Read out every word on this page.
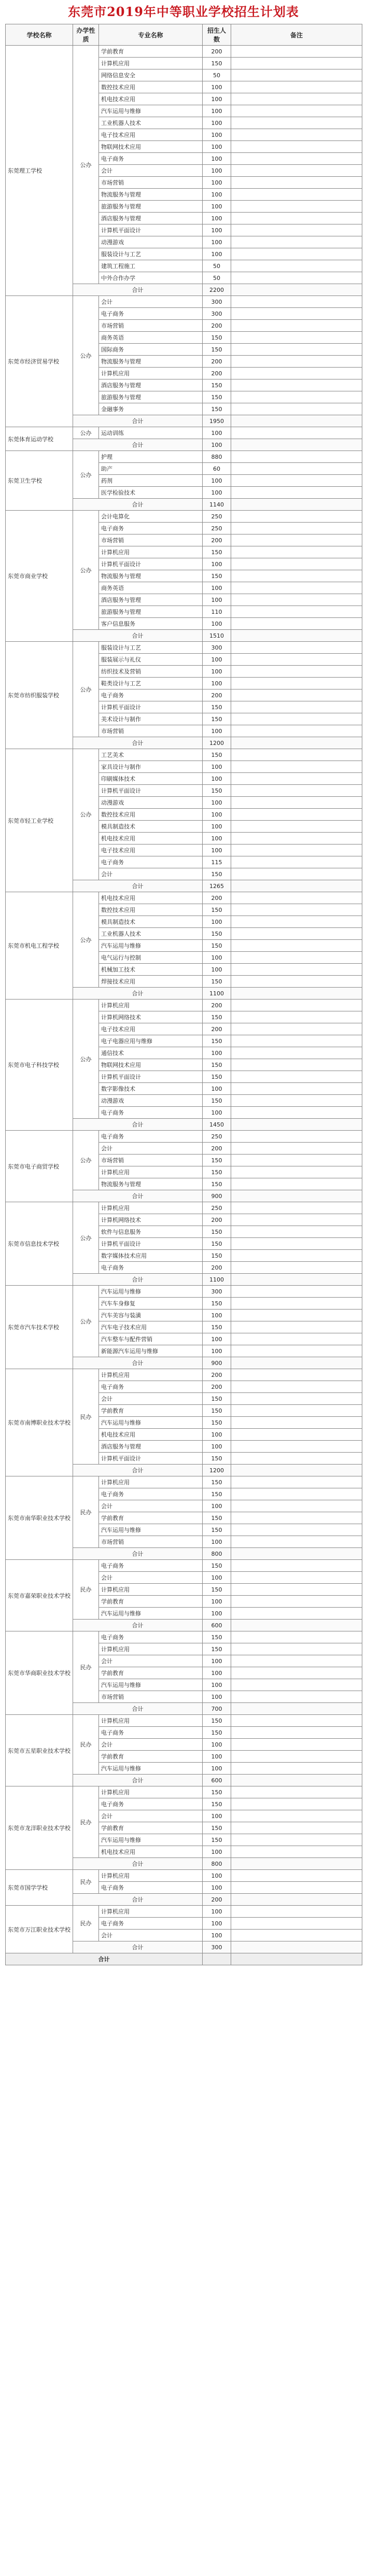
东莞市2019年中等职业学校招生计划表
学校名称	办学性质	专业名称	招生人数	备注
东莞理工学校	公办	学前教育	200	
		计算机应用	150	
		网络信息安全	50	
		数控技术应用	100	
		机电技术应用	100	
		汽车运用与维修	100	
		工业机器人技术	100	
		电子技术应用	100	
		物联网技术应用	100	
		电子商务	100	
		会计	100	
		市场营销	100	
		物流服务与管理	100	
		旅游服务与管理	100	
		酒店服务与管理	100	
		计算机平面设计	100	
		动漫游戏	100	
		服装设计与工艺	100	
		建筑工程施工	50	
		中外合作办学	50	
	合计		2200	
东莞市经济贸易学校	公办	会计	300	
		电子商务	300	
		市场营销	200	
		商务英语	150	
		国际商务	150	
		物流服务与管理	200	
		计算机应用	200	
		酒店服务与管理	150	
		旅游服务与管理	150	
		金融事务	150	
	合计		1950	
东莞体育运动学校	公办	运动训练	100	
	合计		100	
东莞卫生学校	公办	护理	880	
		助产	60	
		药剂	100	
		医学检验技术	100	
	合计		1140	
东莞市商业学校	公办	会计电算化	250	
		电子商务	250	
		市场营销	200	
		计算机应用	150	
		计算机平面设计	100	
		物流服务与管理	150	
		商务英语	100	
		酒店服务与管理	100	
		旅游服务与管理	110	
		客户信息服务	100	
	合计		1510	
东莞市纺织服装学校	公办	服装设计与工艺	300	
		服装展示与礼仪	100	
		纺织技术及营销	100	
		鞋类设计与工艺	100	
		电子商务	200	
		计算机平面设计	150	
		美术设计与制作	150	
		市场营销	100	
	合计		1200	
东莞市轻工业学校	公办	工艺美术	150	
		家具设计与制作	100	
		印刷媒体技术	100	
		计算机平面设计	150	
		动漫游戏	100	
		数控技术应用	100	
		模具制造技术	100	
		机电技术应用	100	
		电子技术应用	100	
		电子商务	115	
		会计	150	
	合计		1265	
东莞市机电工程学校	公办	机电技术应用	200	
		数控技术应用	150	
		模具制造技术	100	
		工业机器人技术	150	
		汽车运用与维修	150	
		电气运行与控制	100	
		机械加工技术	100	
		焊接技术应用	150	
	合计		1100	
东莞市电子科技学校	公办	计算机应用	200	
		计算机网络技术	150	
		电子技术应用	200	
		电子电器应用与维修	150	
		通信技术	100	
		物联网技术应用	150	
		计算机平面设计	150	
		数字影像技术	100	
		动漫游戏	150	
		电子商务	100	
	合计		1450	
东莞市电子商贸学校	公办	电子商务	250	
		会计	200	
		市场营销	150	
		计算机应用	150	
		物流服务与管理	150	
	合计		900	
东莞市信息技术学校	公办	计算机应用	250	
		计算机网络技术	200	
		软件与信息服务	150	
		计算机平面设计	150	
		数字媒体技术应用	150	
		电子商务	200	
	合计		1100	
东莞市汽车技术学校	公办	汽车运用与维修	300	
		汽车车身修复	150	
		汽车美容与装潢	100	
		汽车电子技术应用	150	
		汽车整车与配件营销	100	
		新能源汽车运用与维修	100	
	合计		900	
东莞市南博职业技术学校	民办	计算机应用	200	
		电子商务	200	
		会计	150	
		学前教育	150	
		汽车运用与维修	150	
		机电技术应用	100	
		酒店服务与管理	100	
		计算机平面设计	150	
	合计		1200	
东莞市南华职业技术学校	民办	计算机应用	150	
		电子商务	150	
		会计	100	
		学前教育	150	
		汽车运用与维修	150	
		市场营销	100	
	合计		800	
东莞市嘉荣职业技术学校	民办	电子商务	150	
		会计	100	
		计算机应用	150	
		学前教育	100	
		汽车运用与维修	100	
	合计		600	
东莞市华商职业技术学校	民办	电子商务	150	
		计算机应用	150	
		会计	100	
		学前教育	100	
		汽车运用与维修	100	
		市场营销	100	
	合计		700	
东莞市五星职业技术学校	民办	计算机应用	150	
		电子商务	150	
		会计	100	
		学前教育	100	
		汽车运用与维修	100	
	合计		600	
东莞市龙洋职业技术学校	民办	计算机应用	150	
		电子商务	150	
		会计	100	
		学前教育	150	
		汽车运用与维修	150	
		机电技术应用	100	
	合计		800	
东莞市国学学校	民办	计算机应用	100	
		电子商务	100	
	合计		200	
东莞市万江职业技术学校	民办	计算机应用	100	
		电子商务	100	
		会计	100	
	合计		300	
合计				
